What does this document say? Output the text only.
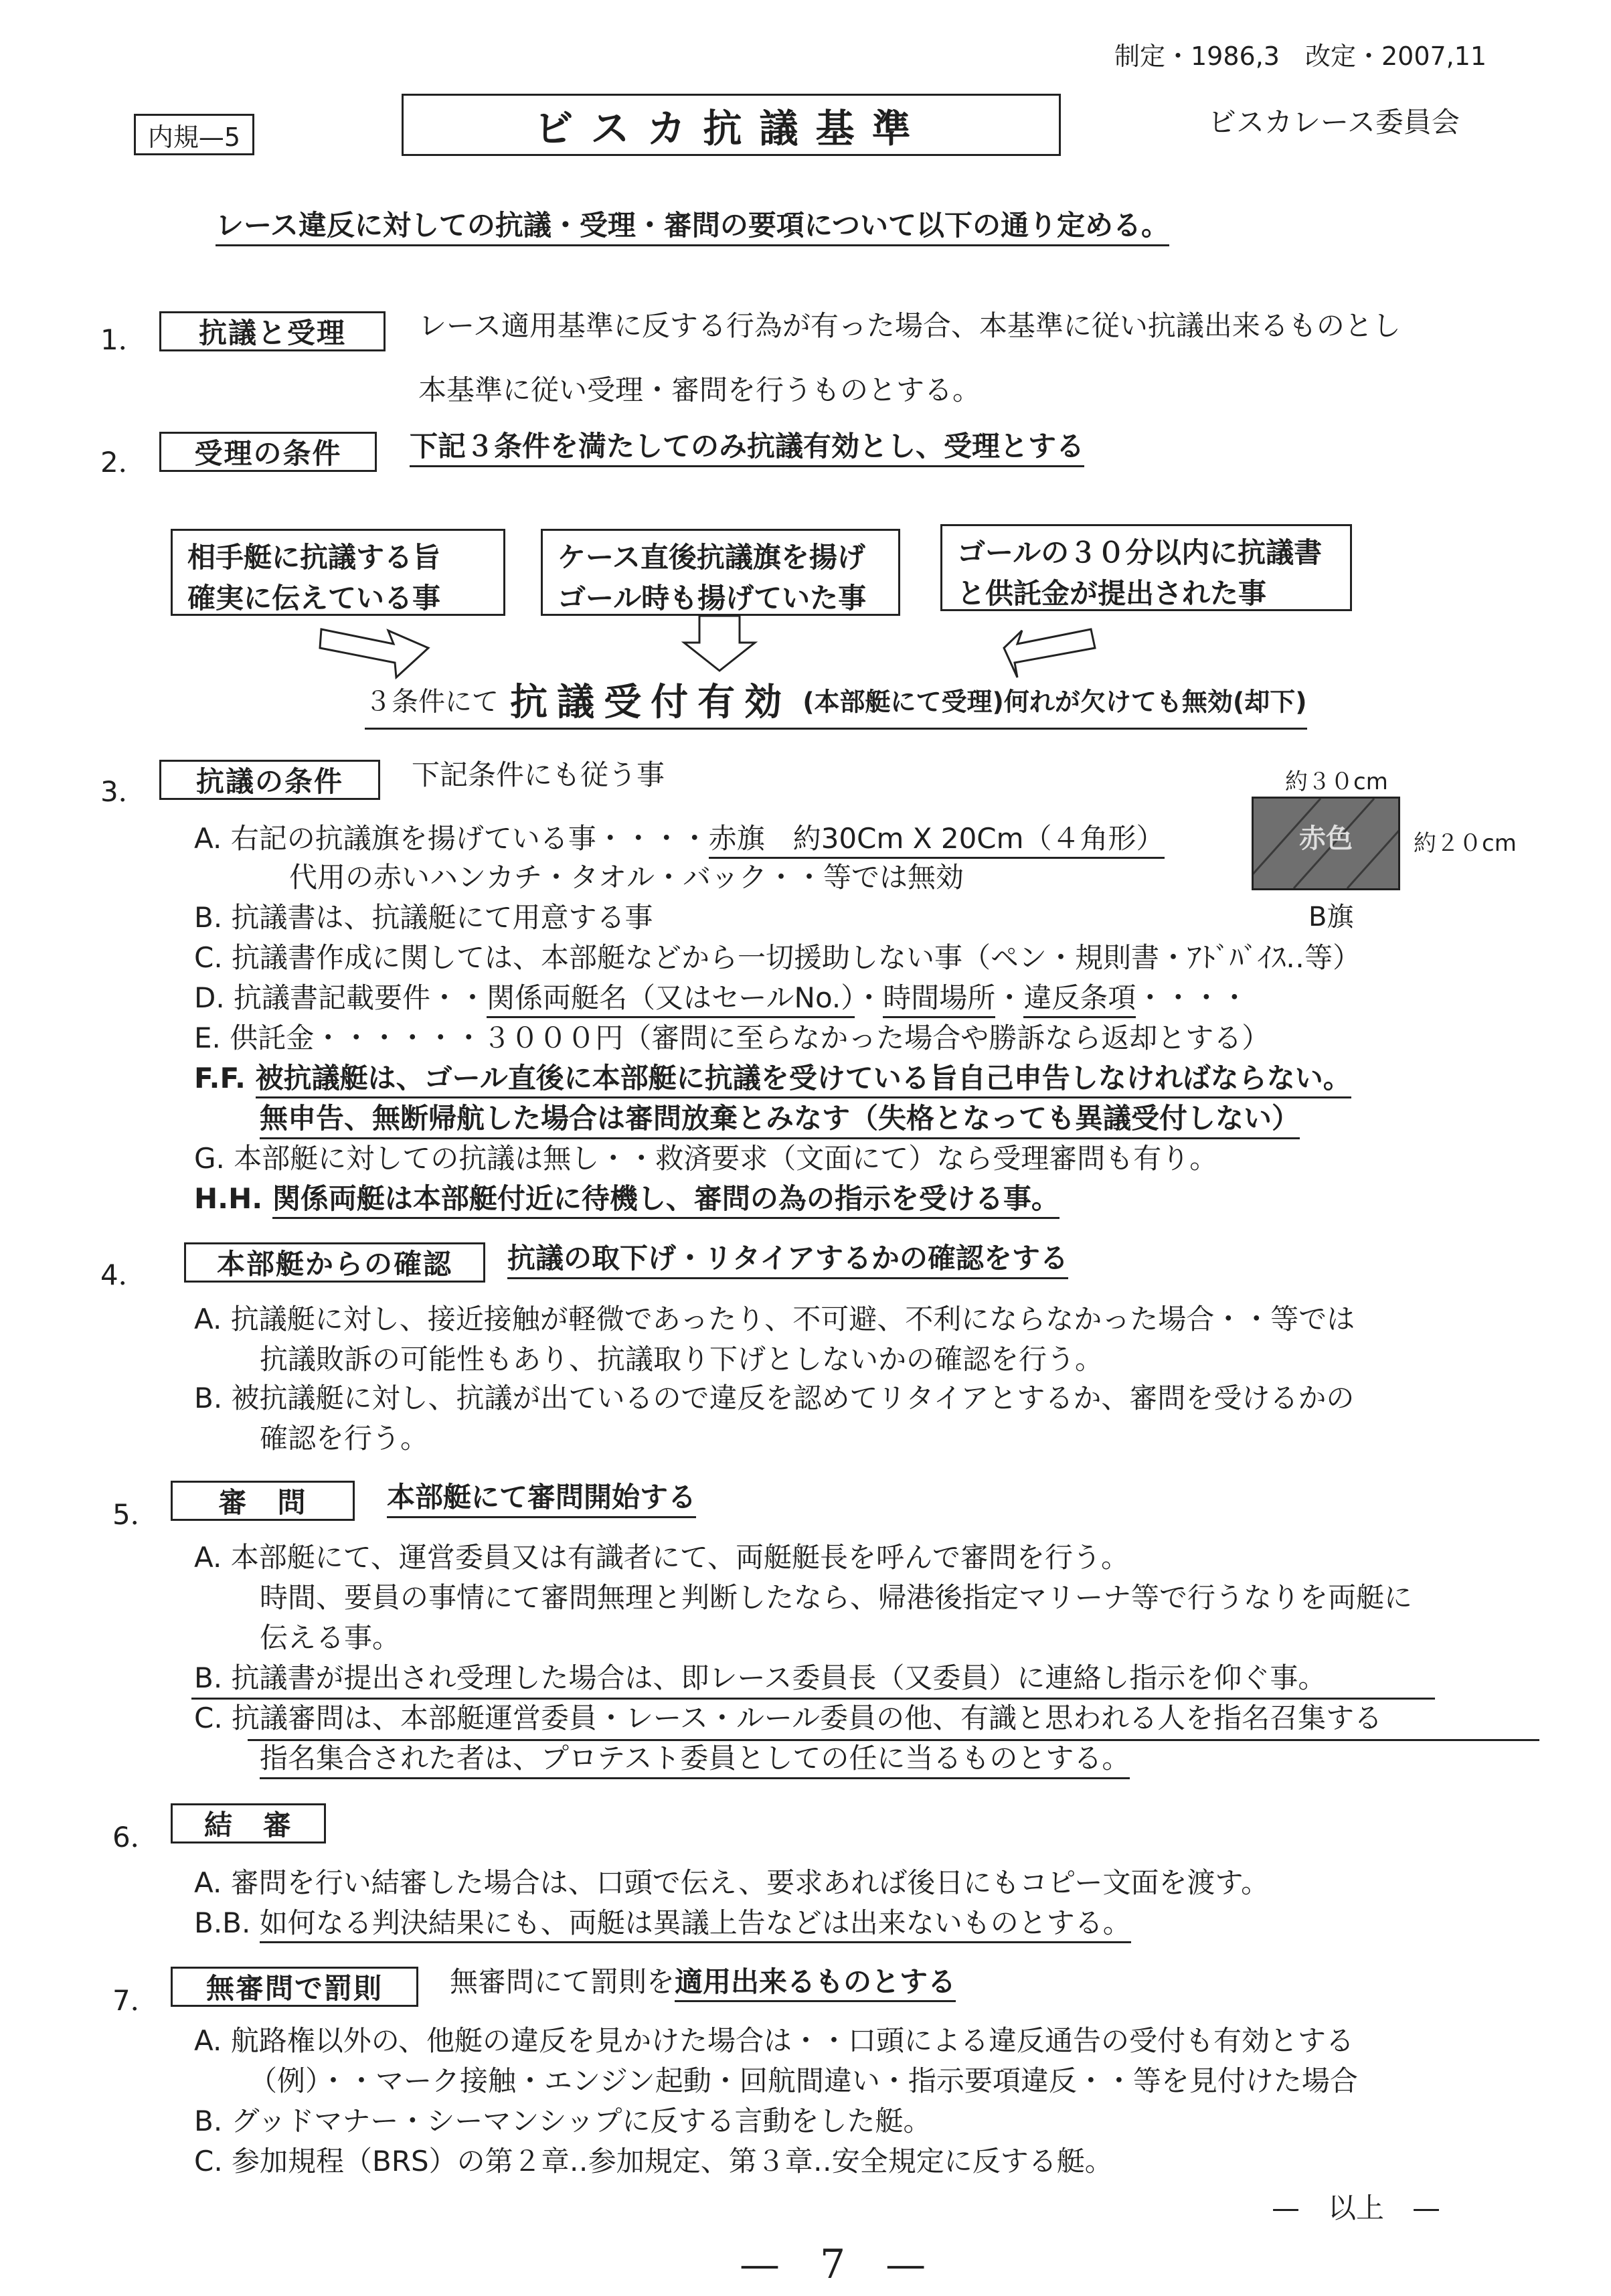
制定・1986,3　改定・2007,11
内規—5	ビスカ抗議基準	ビスカレース委員会
レース違反に対しての抗議・受理・審問の要項について以下の通り定める。
1．	抗議と受理	レース適用基準に反する行為が有った場合、本基準に従い抗議出来るものとし
本基準に従い受理・審問を行うものとする。
2．	受理の条件	下記３条件を満たしてのみ抗議有効とし、受理とする
相手艇に抗議する旨
確実に伝えている事
ケース直後抗議旗を揚げ
ゴール時も揚げていた事
ゴールの３０分以内に抗議書
と供託金が提出された事
３条件にて 抗議受付有効 (本部艇にて受理)何れが欠けても無効(却下)
3．	抗議の条件	下記条件にも従う事	約３０cm
赤色	約２０cm
B旗
A. 右記の抗議旗を揚げている事・・・・赤旗　約30Cm X 20Cm（４角形）
代用の赤いハンカチ・タオル・バック・・等では無効
B. 抗議書は、抗議艇にて用意する事
C. 抗議書作成に関しては、本部艇などから一切援助しない事（ペン・規則書・ｱﾄﾞﾊﾞｲｽ‥等）
D. 抗議書記載要件・・関係両艇名（又はセールNo.）・時間場所・違反条項・・・・
E. 供託金・・・・・・３０００円（審問に至らなかった場合や勝訴なら返却とする）
F.F. 被抗議艇は、ゴール直後に本部艇に抗議を受けている旨自己申告しなければならない。
無申告、無断帰航した場合は審問放棄とみなす（失格となっても異議受付しない）
G. 本部艇に対しての抗議は無し・・救済要求（文面にて）なら受理審問も有り。
H.H. 関係両艇は本部艇付近に待機し、審問の為の指示を受ける事。
4．	本部艇からの確認	抗議の取下げ・リタイアするかの確認をする
A. 抗議艇に対し、接近接触が軽微であったり、不可避、不利にならなかった場合・・等では
抗議敗訴の可能性もあり、抗議取り下げとしないかの確認を行う。
B. 被抗議艇に対し、抗議が出ているので違反を認めてリタイアとするか、審問を受けるかの
確認を行う。
5．	審　問	本部艇にて審問開始する
A. 本部艇にて、運営委員又は有識者にて、両艇艇長を呼んで審問を行う。
時間、要員の事情にて審問無理と判断したなら、帰港後指定マリーナ等で行うなりを両艇に
伝える事。
B. 抗議書が提出され受理した場合は、即レース委員長（又委員）に連絡し指示を仰ぐ事。
C. 抗議審問は、本部艇運営委員・レース・ルール委員の他、有識と思われる人を指名召集する
指名集合された者は、プロテスト委員としての任に当るものとする。
6．	結　審
A. 審問を行い結審した場合は、口頭で伝え、要求あれば後日にもコピー文面を渡す。
B.B. 如何なる判決結果にも、両艇は異議上告などは出来ないものとする。
7．	無審問で罰則	無審問にて罰則を適用出来るものとする
A. 航路権以外の、他艇の違反を見かけた場合は・・口頭による違反通告の受付も有効とする
（例）・・マーク接触・エンジン起動・回航間違い・指示要項違反・・等を見付けた場合
B. グッドマナー・シーマンシップに反する言動をした艇。
C. 参加規程（BRS）の第２章‥参加規定、第３章‥安全規定に反する艇。
—　以上　—
—　7　—
